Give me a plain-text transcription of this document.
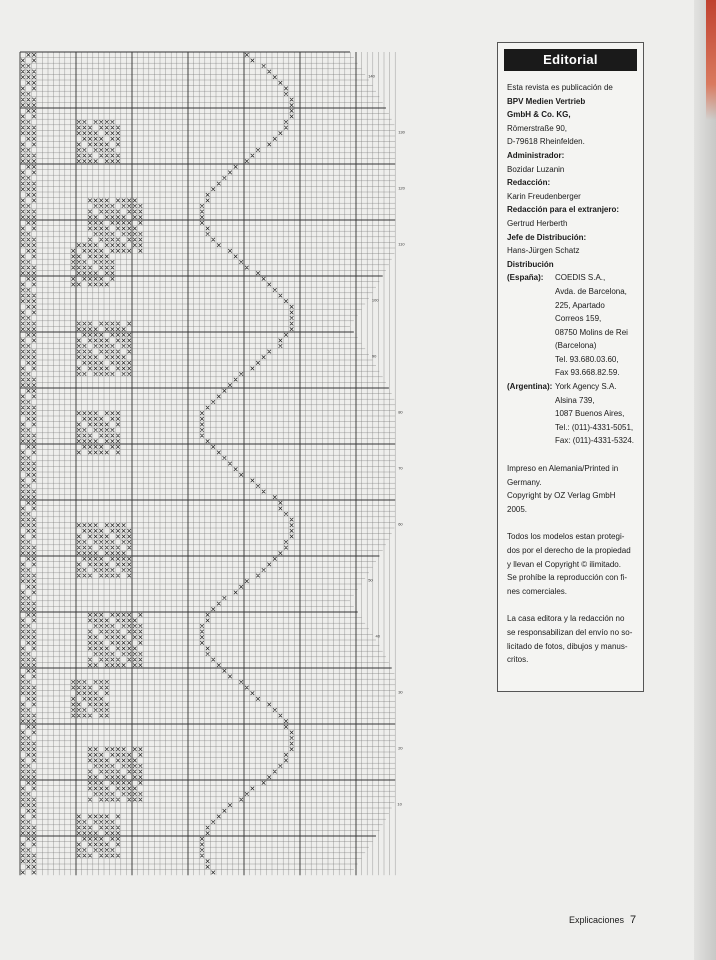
140
130
120
110
100
90
80
70
60
50
40
30
20
10
Editorial
Esta revista es publicación de
BPV Medien Vertrieb
GmbH & Co. KG,
Römerstraße 90,
D-79618 Rheinfelden.
Administrador:
Bozidar Luzanin
Redacción:
Karin Freudenberger
Redacción para el extranjero:
Gertrud Herberth
Jefe de Distribución:
Hans-Jürgen Schatz
Distribución
(España):	COEDIS S.A.,
Avda. de Barcelona,
225, Apartado
Correos 159,
08750 Molins de Rei
(Barcelona)
Tel. 93.680.03.60,
Fax 93.668.82.59.
(Argentina): York Agency S.A.
Alsina 739,
1087 Buenos Aires,
Tel.: (011)-4331-5051,
Fax: (011)-4331-5324.
Impreso en Alemania/Printed in
Germany.
Copyright by OZ Verlag GmbH
2005.
Todos los modelos estan protegi-
dos por el derecho de la propiedad
y llevan el Copyright © ilimitado.
Se prohíbe la reproducción con fi-
nes comerciales.
La casa editora y la redacción no
se responsabilizan del envío no so-
licitado de fotos, dibujos y manus-
critos.
Explicaciones 7
